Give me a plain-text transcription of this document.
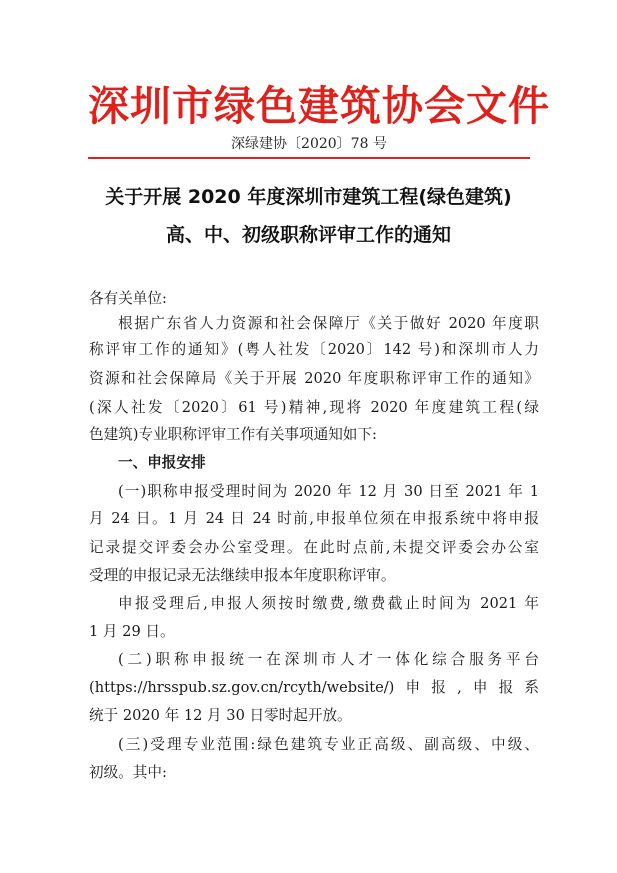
深圳市绿色建筑协会文件
深绿建协〔2020〕78 号
关于开展 2020 年度深圳市建筑工程(绿色建筑)
高、中、初级职称评审工作的通知
各有关单位:
根据广东省人力资源和社会保障厅《关于做好 2020 年度职
称评审工作的通知》(粤人社发〔2020〕142 号)和深圳市人力
资源和社会保障局《关于开展 2020 年度职称评审工作的通知》
(深人社发〔2020〕61 号)精神,现将 2020 年度建筑工程(绿
色建筑)专业职称评审工作有关事项通知如下:
一、申报安排
(一)职称申报受理时间为 2020 年 12 月 30 日至 2021 年 1
月 24 日。1 月 24 日 24 时前,申报单位须在申报系统中将申报
记录提交评委会办公室受理。在此时点前,未提交评委会办公室
受理的申报记录无法继续申报本年度职称评审。
申报受理后,申报人须按时缴费,缴费截止时间为 2021 年
1 月 29 日。
(二)职称申报统一在深圳市人才一体化综合服务平台
(https://hrsspub.sz.gov.cn/rcyth/website/)申报,申报系
统于 2020 年 12 月 30 日零时起开放。
(三)受理专业范围:绿色建筑专业正高级、副高级、中级、
初级。其中:
